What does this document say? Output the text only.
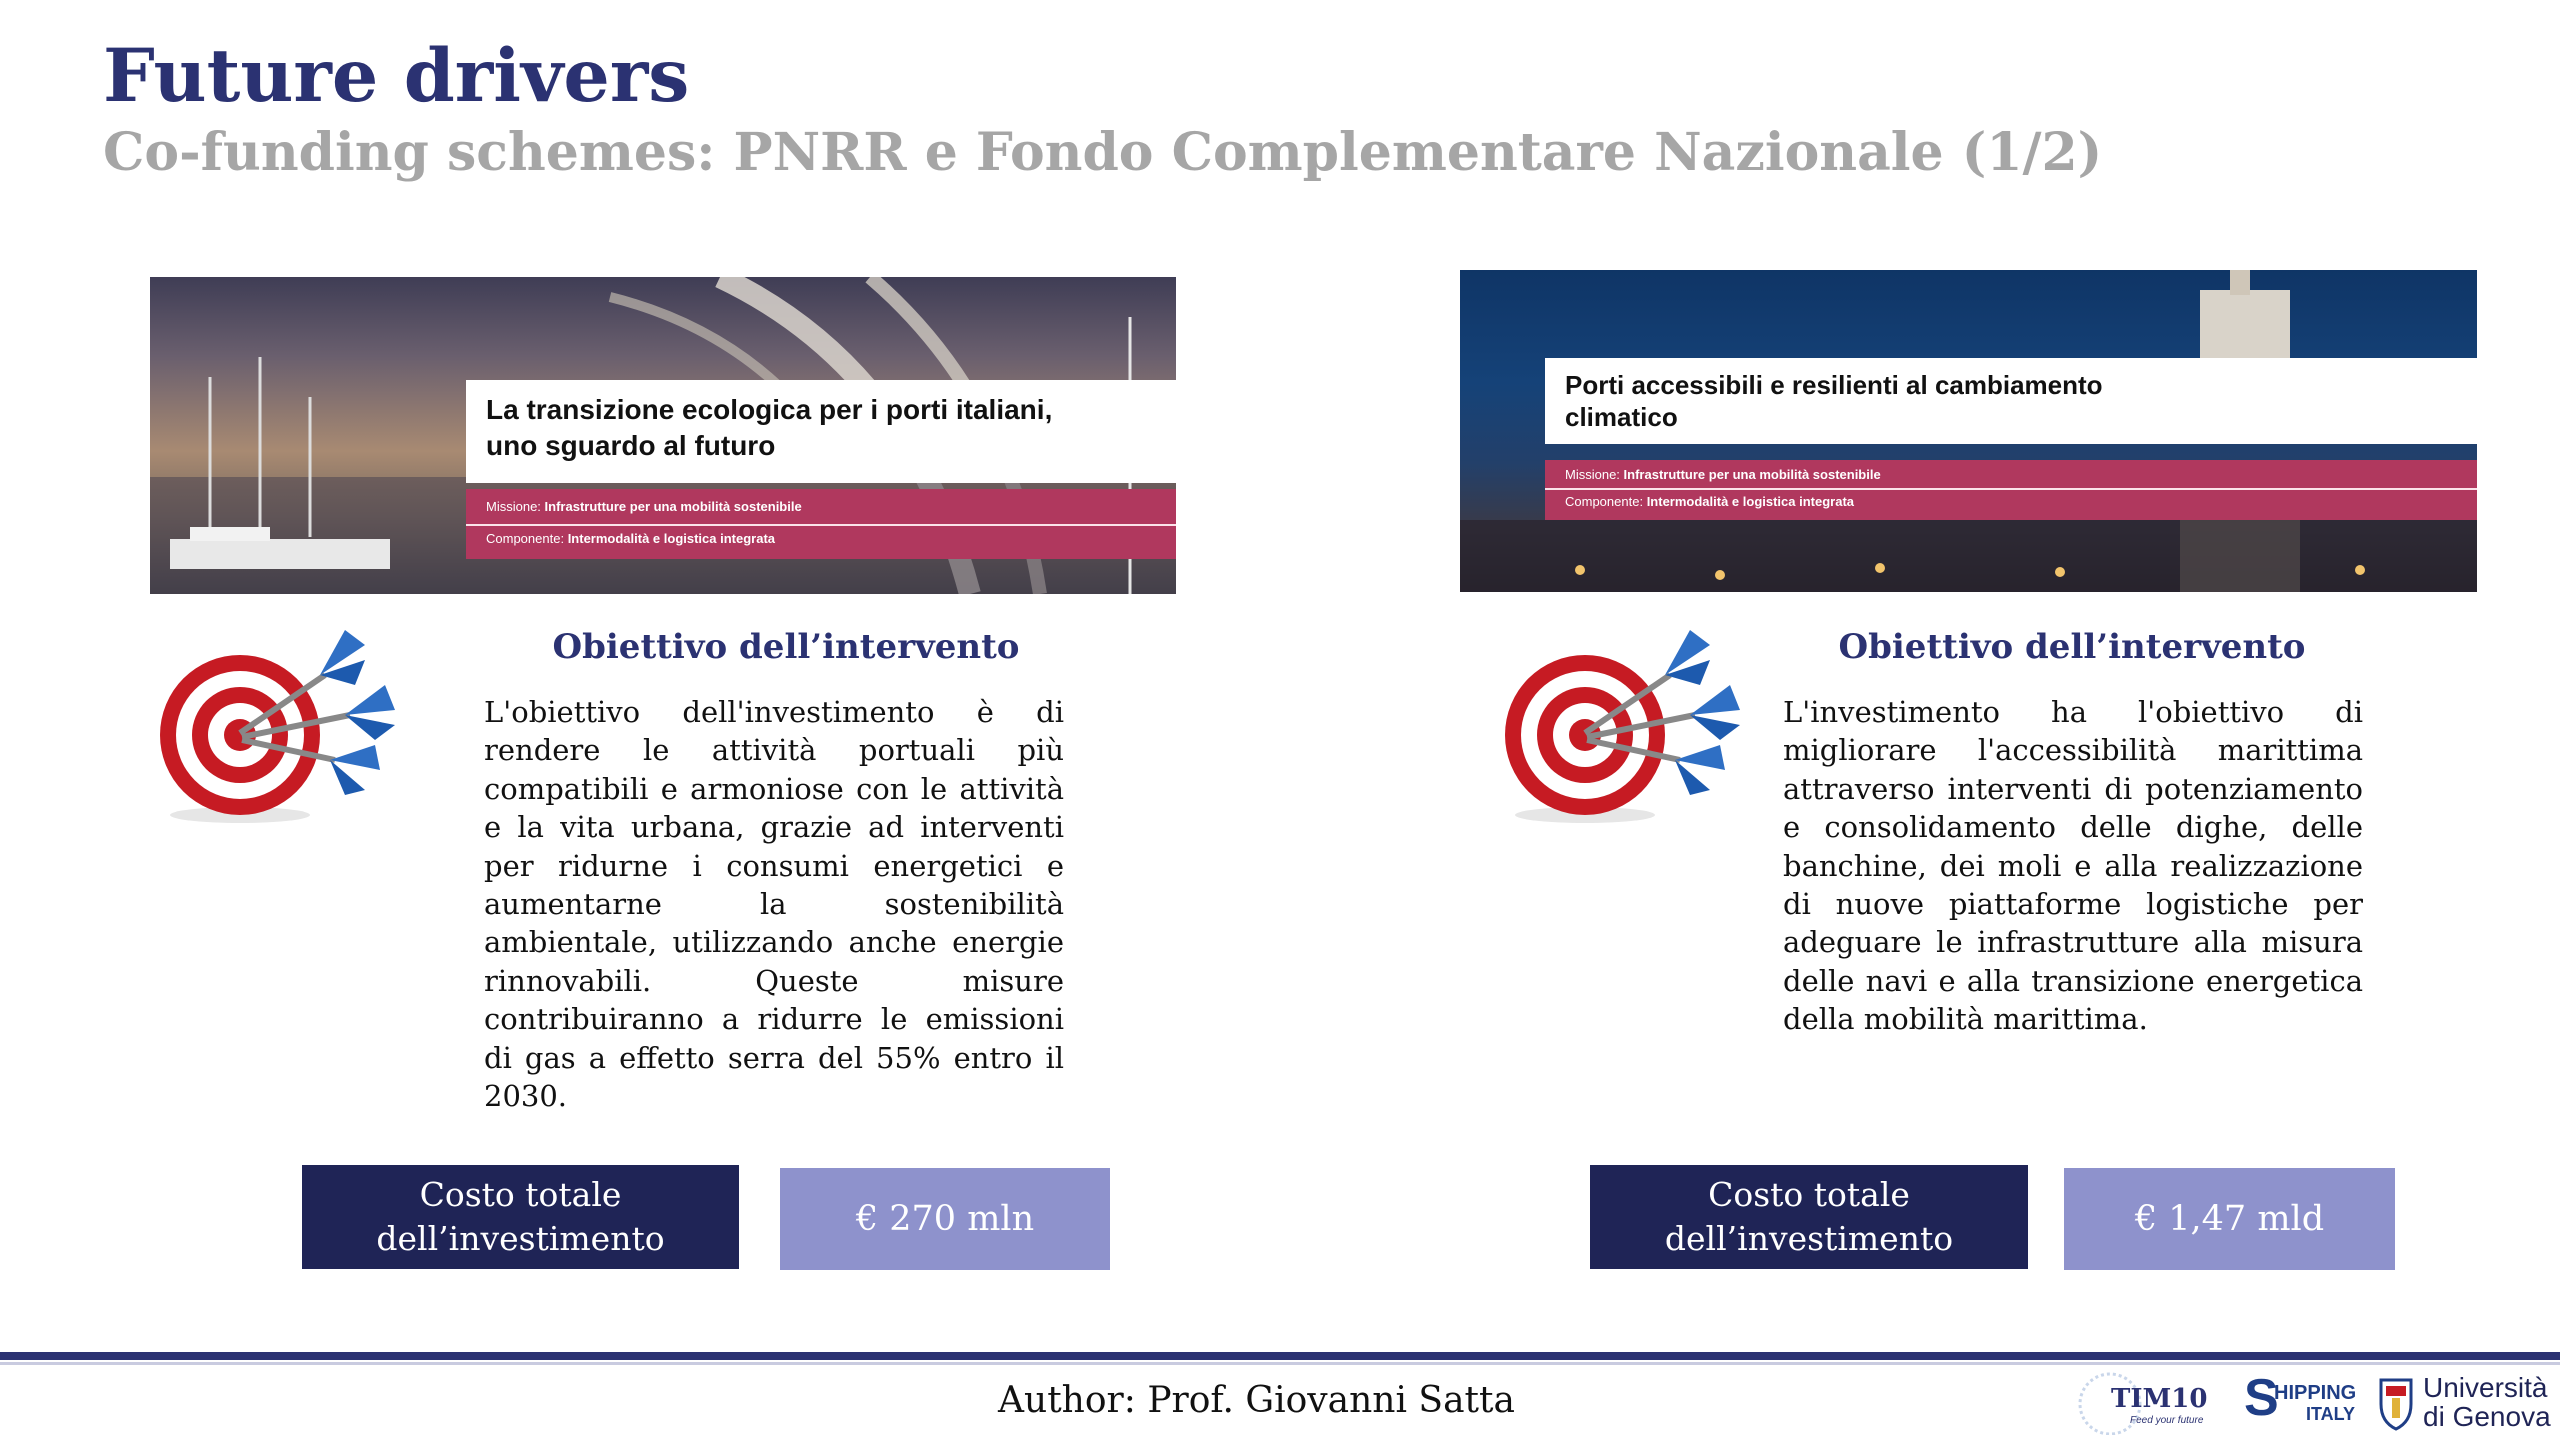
Future drivers
Co-funding schemes: PNRR e Fondo Complementare Nazionale (1/2)
La transizione ecologica per i porti italiani,
uno sguardo al futuro
Missione: Infrastrutture per una mobilità sostenibile
Componente: Intermodalità e logistica integrata
Porti accessibili e resilienti al cambiamento
climatico
Missione: Infrastrutture per una mobilità sostenibile
Componente: Intermodalità e logistica integrata
Obiettivo dell’intervento
L'obiettivo dell'investimento è di rendere le attività portuali più compatibili e armoniose con le attività e la vita urbana, grazie ad interventi per ridurne i consumi energetici e aumentarne la sostenibilità ambientale, utilizzando anche energie rinnovabili. Queste misure contribuiranno a ridurre le emissioni di gas a effetto serra del 55% entro il 2030.
Obiettivo dell’intervento
L'investimento ha l'obiettivo di migliorare l'accessibilità marittima attraverso interventi di potenziamento e consolidamento delle dighe, delle banchine, dei moli e alla realizzazione di nuove piattaforme logistiche per adeguare le infrastrutture alla misura delle navi e alla transizione energetica della mobilità marittima.
Costo totale
dell’investimento	€ 270 mln
Costo totale
dell’investimento	€ 1,47 mld
Author: Prof. Giovanni Satta	TIM10
Feed your future S
HIPPING
ITALY
Università
di Genova
